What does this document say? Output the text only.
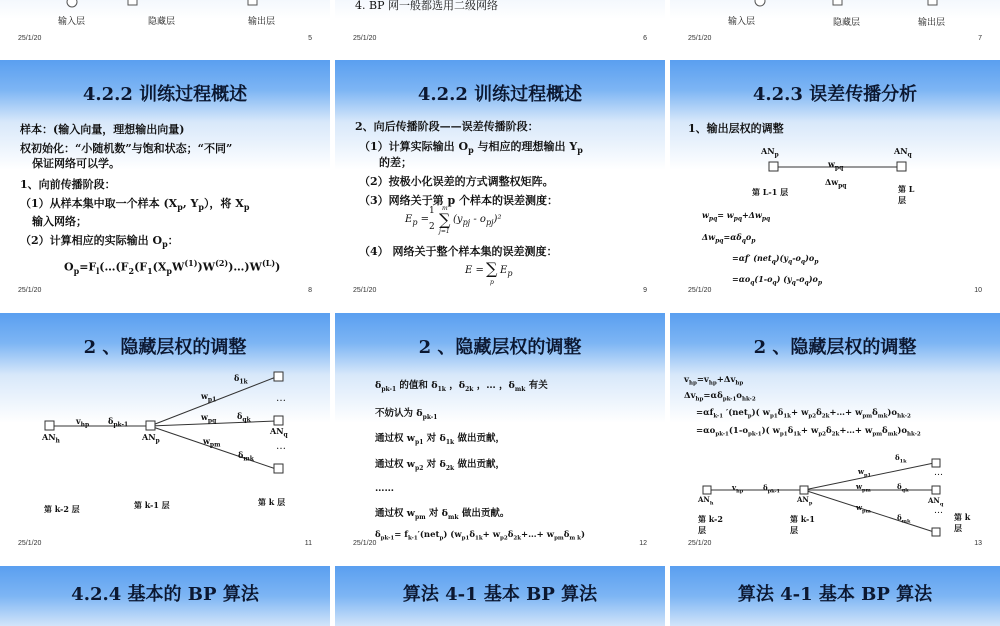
输入层	隐藏层	输出层
25/1/20	5
4. BP 网一般都选用二级网络
25/1/20	6
输入层	隐藏层	输出层
25/1/20	7
4.2.2 训练过程概述
样本：(输入向量，理想输出向量)
权初始化：“小随机数”与饱和状态；“不同”
保证网络可以学。
1、向前传播阶段：
（1）从样本集中取一个样本 ($X_p$, $Y_p$），将 $X_p$
输入网络；
（2）计算相应的实际输出 $O_p$：
$O_p=F_l(\dots(F_2(F_1(X_pW^{(1)})W^{(2)})\dots)W^{(L)})$
25/1/20	8
4.2.2 训练过程概述
2、向后传播阶段——误差传播阶段：
（1）计算实际输出 $O_p$ 与相应的理想输出 $Y_p$
的差；
（2）按极小化误差的方式调整权矩阵。
（3）网络关于第 p 个样本的误差测度：
$E_p$ =
1
2 ∑
m
j=1
$(y_{pj} - o_{pj})^2$
（4） 网络关于整个样本集的误差测度：
E = ∑
p
$E_p$
25/1/20	9
4.2.3 误差传播分析
1、输出层权的调整
$AN_p$	$AN_q$
$w_{pq}$
$\Delta w_{pq}$
第 L-1 层	第 L
层
$w_{pq}= w_{pq}+\Delta w_{pq}$
$\Delta w_{pq}=\alpha\delta_qo_p$
=αf′ $(net_q)(y_q-o_q)o_p$
$=\alpha o_q(1-o_q)$ $(y_q-o_q)o_p$
25/1/20	10
2 、隐藏层权的调整
$AN_h$	$AN_p$
$AN_q$
$v_{hp}$ $\delta_{pk-1}$
$\delta_{1k}$
$\delta_{qk}$
$\delta_{mk}$
$w_{p1}$
$w_{pq}$
$w_{pm}$
…
…
第 k-2 层	第 k-1 层	第 k 层
25/1/20	11
2 、隐藏层权的调整
$\delta_{pk-1}$ 的值和 $\delta_{1k}$ ，$\delta_{2k}$ ，… ，$\delta_{mk}$ 有关
不妨认为 $\delta_{pk-1}$
通过权 $w_{p1}$ 对 $\delta_{1k}$ 做出贡献，
通过权 $w_{p2}$ 对 $\delta_{2k}$ 做出贡献，
……
通过权 $w_{pm}$ 对 $\delta_{mk}$ 做出贡献。
$\delta_{pk-1}= f_{k-1}'(net_p)$ ($w_{p1}\delta_{1k}+$ $w_{p2}\delta_{2k}+\dots+ w_{pm}\delta_{m k}$)
25/1/20	12
2 、隐藏层权的调整
$v_{hp}=v_{hp}+\Delta v_{hp}$
$\Delta v_{hp}=\alpha\delta_{pk-1}o_{hk-2}$
$=\alpha f_{k-1}$ ′(net$_p$)( $w_{p1}\delta_{1k}+$ $w_{p2}\delta_{2k}+\dots+ w_{pm}\delta_{mk})o_{hk-2}$
$=\alpha o_{pk-1}(1-o_{pk-1})$( $w_{p1}\delta_{1k}+$ $w_{p2}\delta_{2k}+\dots+ w_{pm}\delta_{mk})o_{hk-2}$
$AN_h$	$AN_p$	$AN_q$
$v_{hp}$	$\delta_{pk-1}$
$\delta_{1k}$
$\delta_{qk}$
$\delta_{mk}$
$w_{p1}$
$w_{pm}$
$w_{pm}$
…
…
第 k-2
层
第 k-1
层
第 k
层
25/1/20	13
4.2.4 基本的 BP 算法	算法 4-1 基本 BP 算法	算法 4-1 基本 BP 算法
